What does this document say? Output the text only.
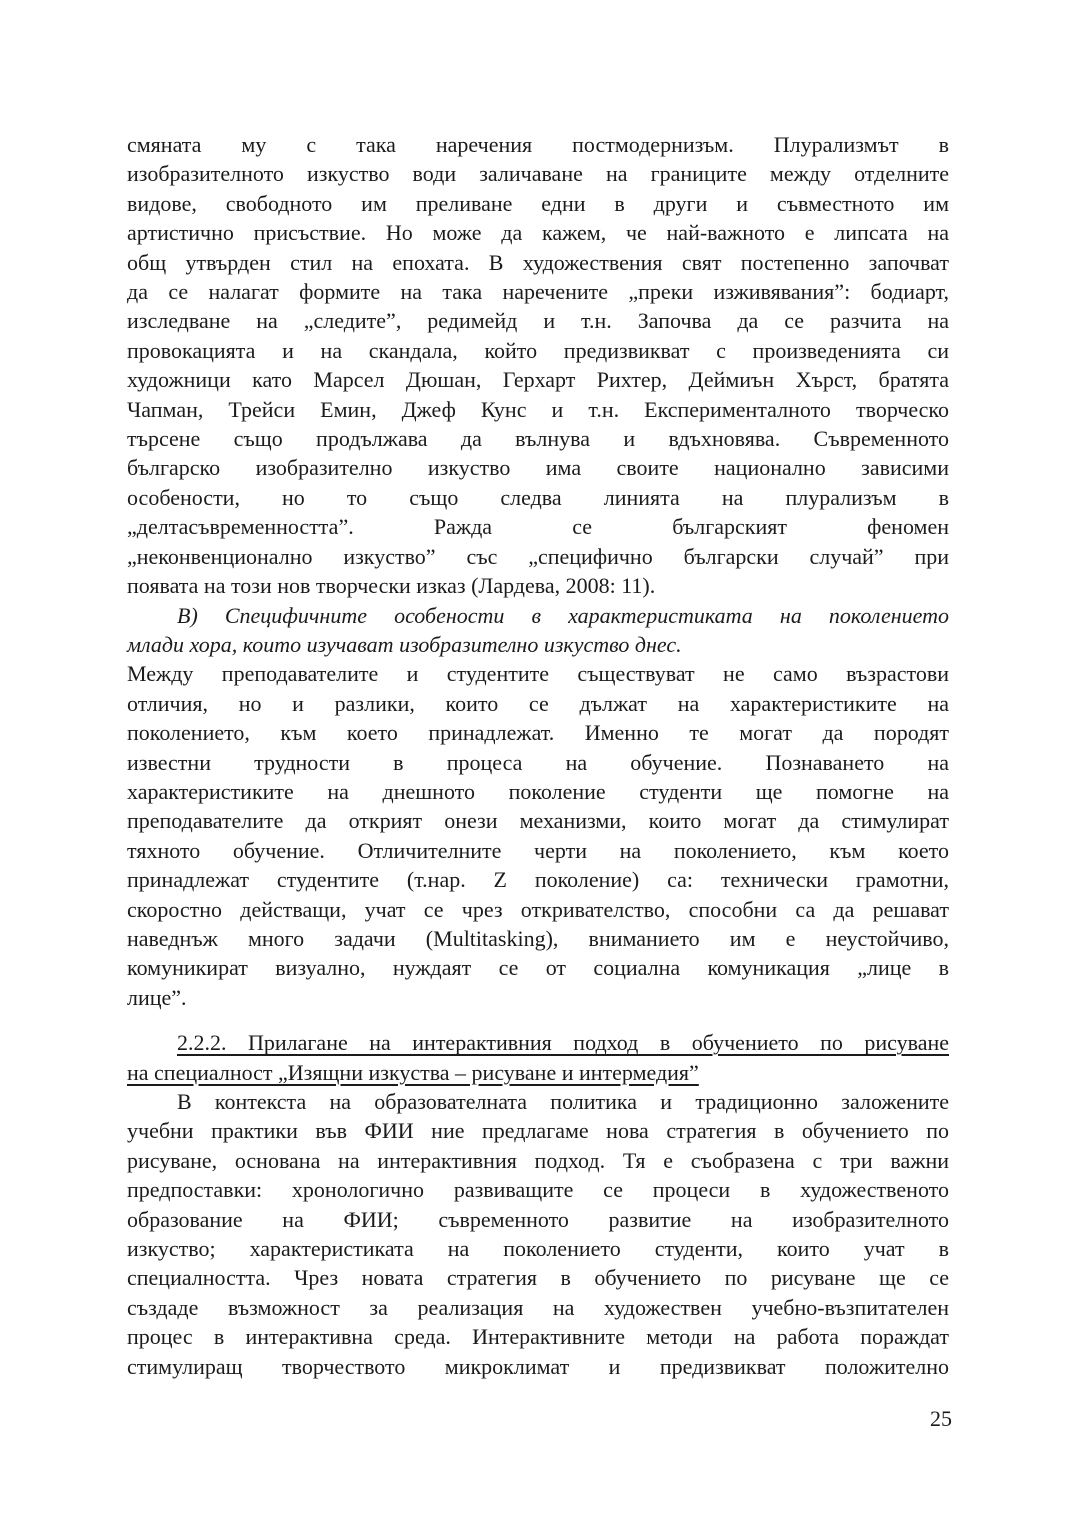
смяната му с така наречения постмодернизъм. Плурализмът в
изобразителното изкуство води заличаване на границите между отделните
видове, свободното им преливане едни в други и съвместното им
артистично присъствие. Но може да кажем, че най-важното е липсата на
общ утвърден стил на епохата. В художествения свят постепенно започват
да се налагат формите на така наречените „преки изживявания”: бодиарт,
изследване на „следите”, редимейд и т.н. Започва да се разчита на
провокацията и на скандала, който предизвикват с произведенията си
художници като Марсел Дюшан, Герхарт Рихтер, Деймиън Хърст, братята
Чапман, Трейси Емин, Джеф Кунс и т.н. Експерименталното творческо
търсене също продължава да вълнува и вдъхновява. Съвременното
българско изобразително изкуство има своите национално зависими
особености, но то също следва линията на плурализъм в
„делтасъвременността”. Ражда се българският феномен
„неконвенционално изкуство” със „специфично български случай” при
появата на този нов творчески изказ (Лардева, 2008: 11).
В) Специфичните особености в характеристиката на поколението
млади хора, които изучават изобразително изкуство днес.
Между преподавателите и студентите съществуват не само възрастови
отличия, но и разлики, които се дължат на характеристиките на
поколението, към което принадлежат. Именно те могат да породят
известни трудности в процеса на обучение. Познаването на
характеристиките на днешното поколение студенти ще помогне на
преподавателите да открият онези механизми, които могат да стимулират
тяхното обучение. Отличителните черти на поколението, към което
принадлежат студентите (т.нар. Z поколение) са: технически грамотни,
скоростно действащи, учат се чрез откривателство, способни са да решават
наведнъж много задачи (Multitasking), вниманието им е неустойчиво,
комуникират визуално, нуждаят се от социална комуникация „лице в
лице”.
2.2.2. Прилагане на интерактивния подход в обучението по рисуване
на специалност „Изящни изкуства – рисуване и интермедия”
В контекста на образователната политика и традиционно заложените
учебни практики във ФИИ ние предлагаме нова стратегия в обучението по
рисуване, основана на интерактивния подход. Тя е съобразена с три важни
предпоставки: хронологично развиващите се процеси в художественото
образование на ФИИ; съвременното развитие на изобразителното
изкуство; характеристиката на поколението студенти, които учат в
специалността. Чрез новата стратегия в обучението по рисуване ще се
създаде възможност за реализация на художествен учебно-възпитателен
процес в интерактивна среда. Интерактивните методи на работа пораждат
стимулиращ творчеството микроклимат и предизвикват положително
25
